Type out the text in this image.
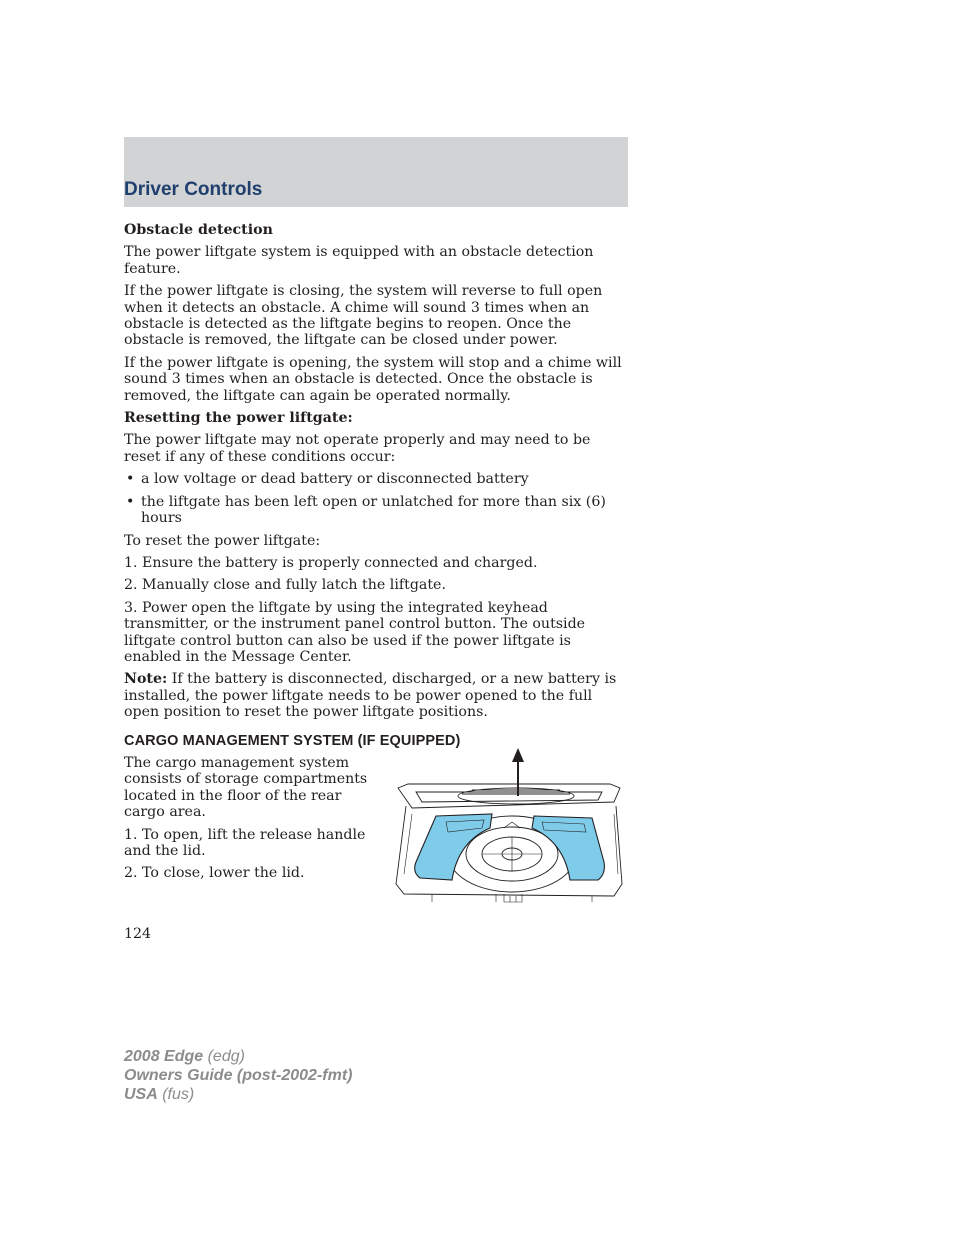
Driver Controls

Obstacle detection

The power liftgate system is equipped with an obstacle detection feature.

If the power liftgate is closing, the system will reverse to full open when it detects an obstacle. A chime will sound 3 times when an obstacle is detected as the liftgate begins to reopen. Once the obstacle is removed, the liftgate can be closed under power.

If the power liftgate is opening, the system will stop and a chime will sound 3 times when an obstacle is detected. Once the obstacle is removed, the liftgate can again be operated normally.

Resetting the power liftgate:

The power liftgate may not operate properly and may need to be reset if any of these conditions occur:

• a low voltage or dead battery or disconnected battery
• the liftgate has been left open or unlatched for more than six (6) hours

To reset the power liftgate:

1. Ensure the battery is properly connected and charged.

2. Manually close and fully latch the liftgate.

3. Power open the liftgate by using the integrated keyhead transmitter, or the instrument panel control button. The outside liftgate control button can also be used if the power liftgate is enabled in the Message Center.

Note: If the battery is disconnected, discharged, or a new battery is installed, the power liftgate needs to be power opened to the full open position to reset the power liftgate positions.

CARGO MANAGEMENT SYSTEM (IF EQUIPPED)

The cargo management system consists of storage compartments located in the floor of the rear cargo area.

1. To open, lift the release handle and the lid.

2. To close, lower the lid.

124
2008 Edge (edg)
Owners Guide (post-2002-fmt)
USA (fus)
